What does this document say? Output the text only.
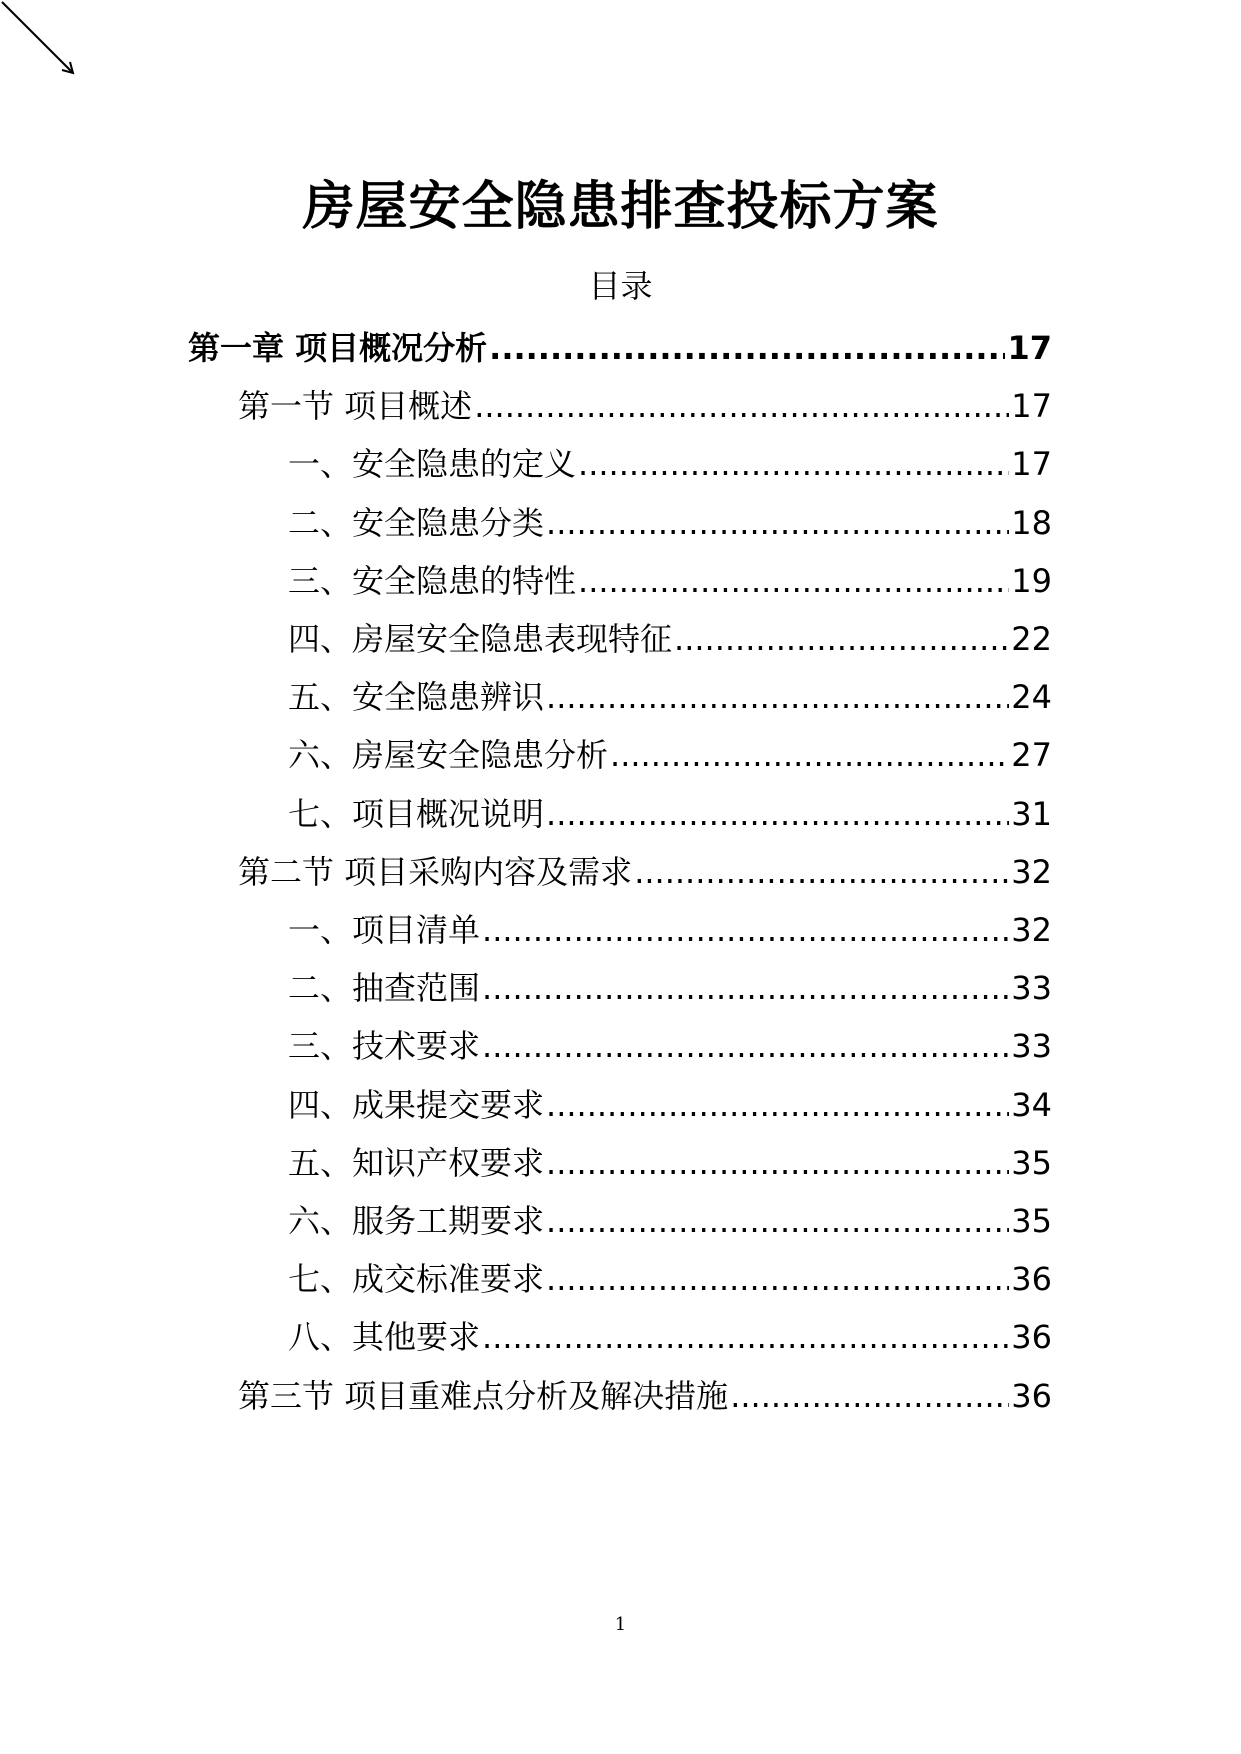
房屋安全隐患排查投标方案
目录
第一章 项目概况分析 .....	17
第一节 项目概述 .....	17
一、安全隐患的定义 .....	17
二、安全隐患分类 .....	18
三、安全隐患的特性 .....	19
四、房屋安全隐患表现特征 .....	22
五、安全隐患辨识 .....	24
六、房屋安全隐患分析 .....	27
七、项目概况说明 .....	31
第二节 项目采购内容及需求 .....	32
一、项目清单 .....	32
二、抽查范围 .....	33
三、技术要求 .....	33
四、成果提交要求 .....	34
五、知识产权要求 .....	35
六、服务工期要求 .....	35
七、成交标准要求 .....	36
八、其他要求 .....	36
第三节 项目重难点分析及解决措施 .....	36
1
